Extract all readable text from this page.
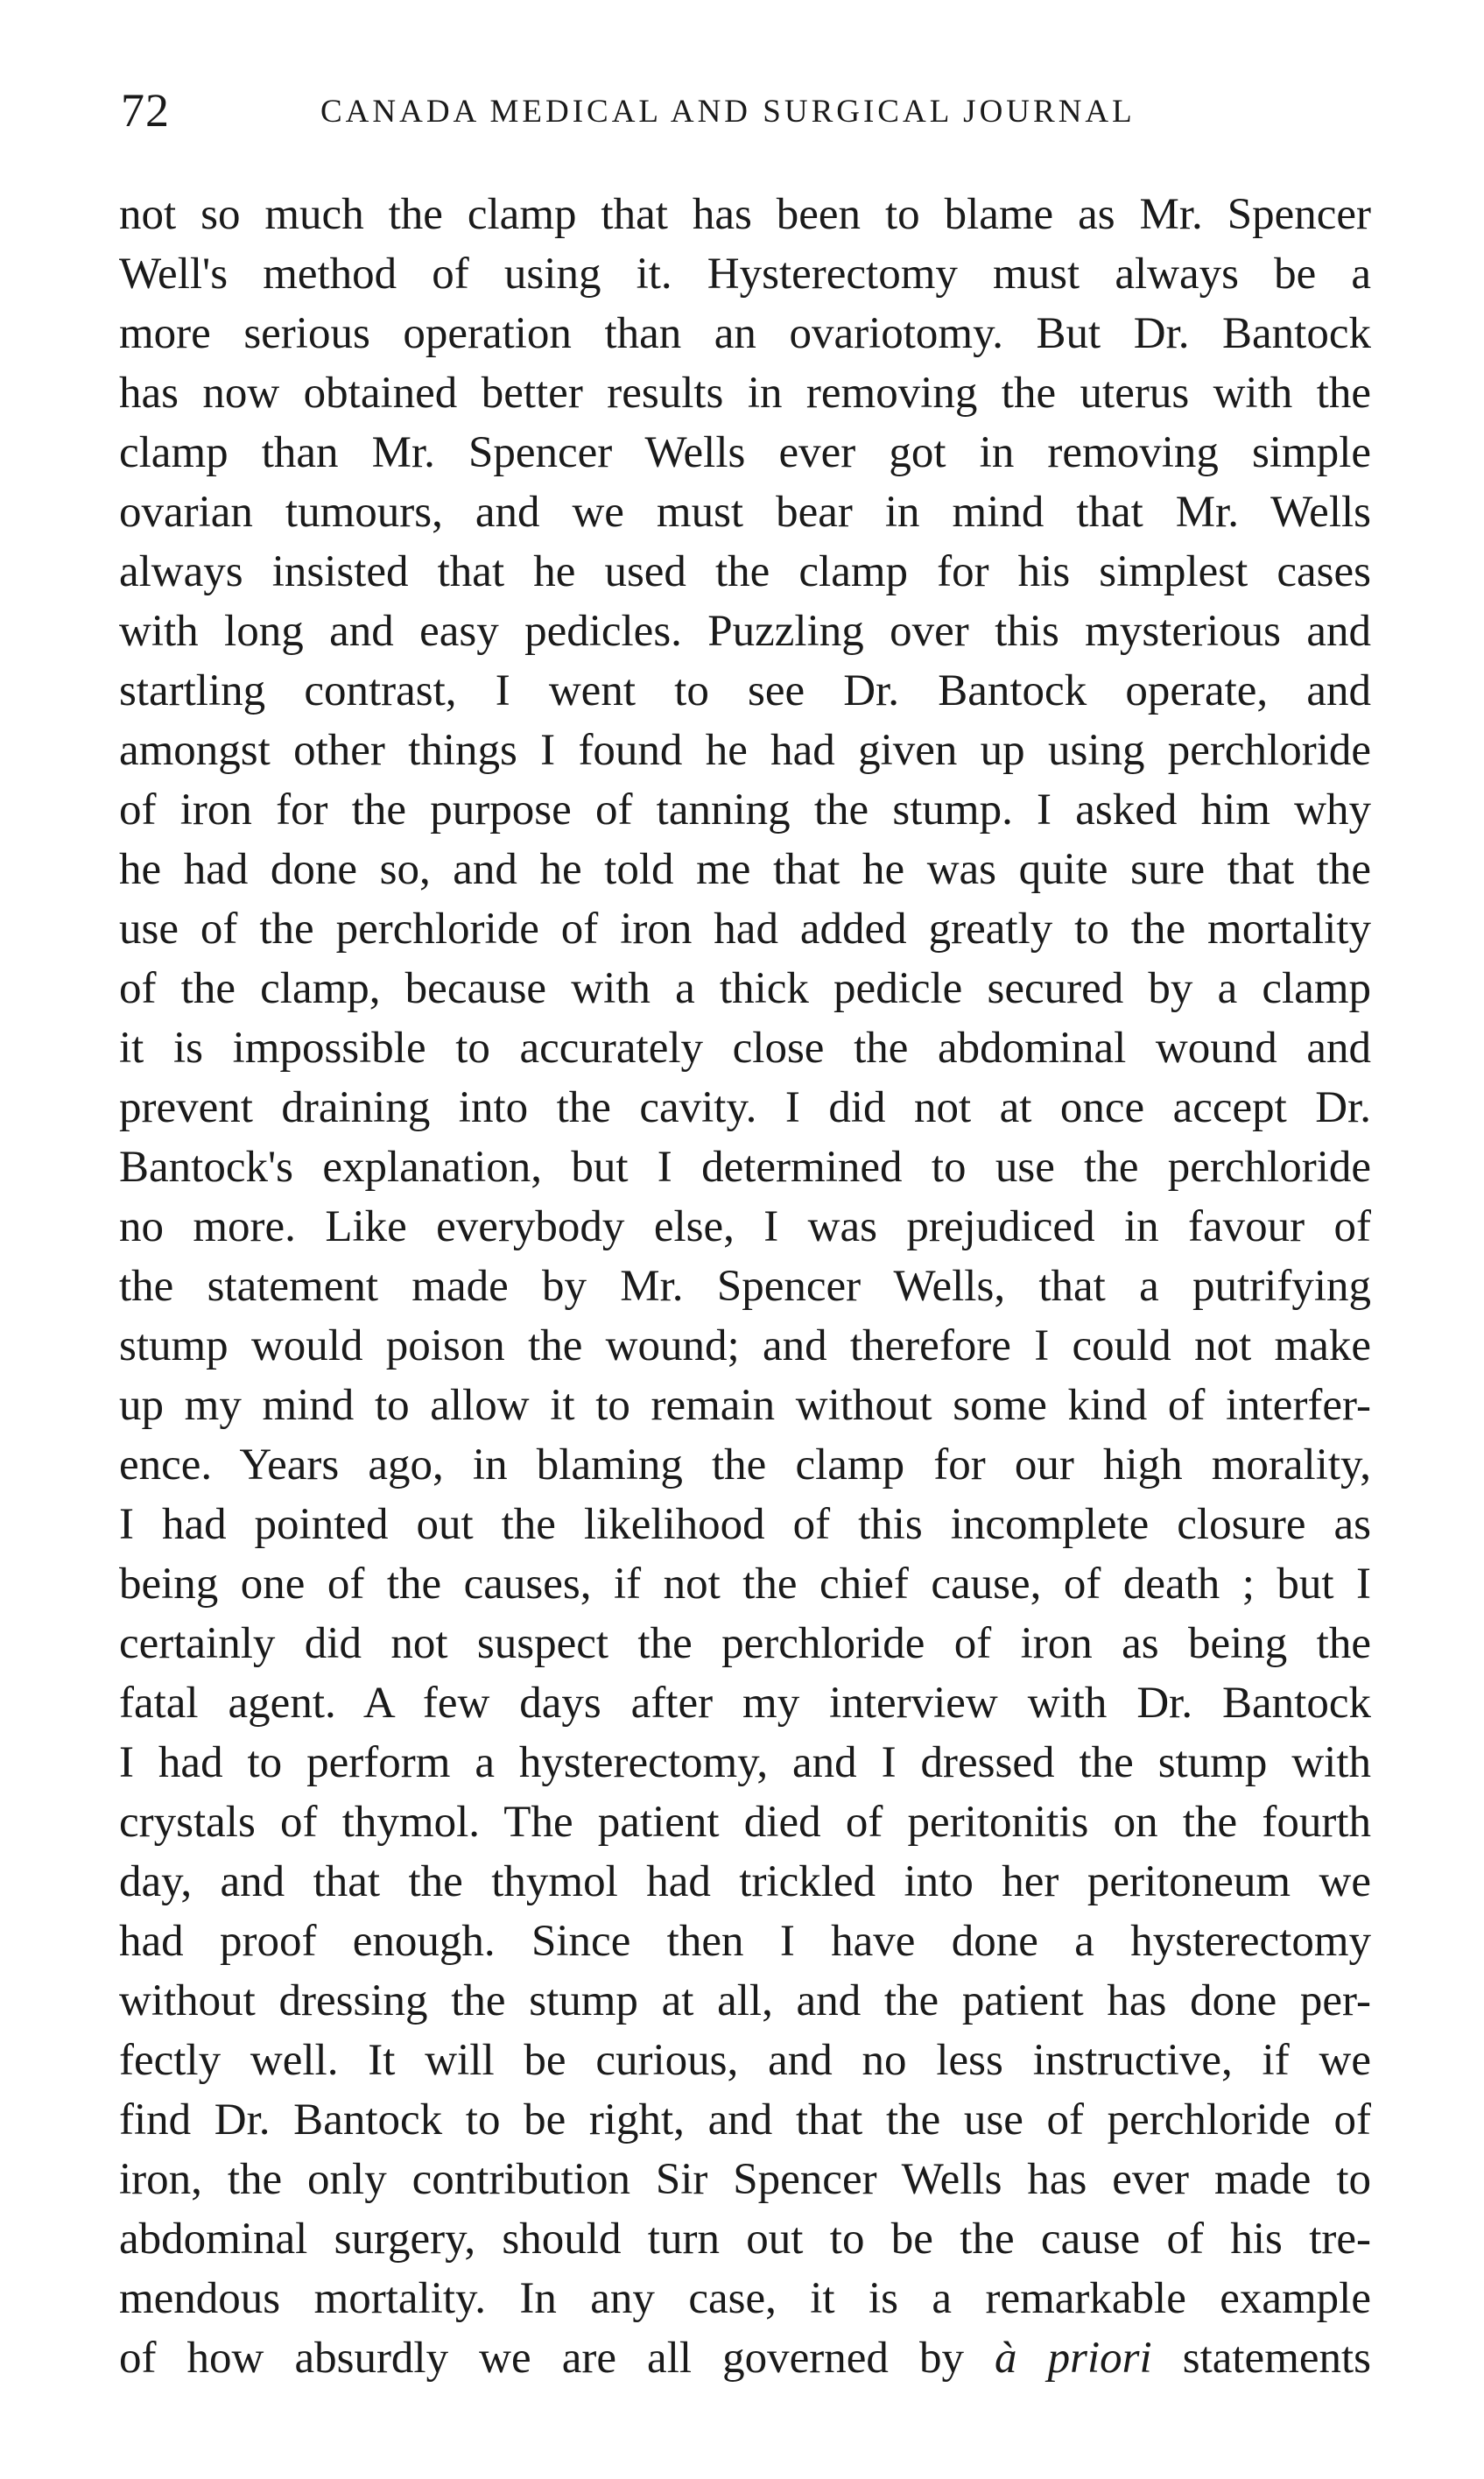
72	CANADA MEDICAL AND SURGICAL JOURNAL
not so much the clamp that has been to blame as Mr. Spencer
Well's method of using it. Hysterectomy must always be a
more serious operation than an ovariotomy. But Dr. Bantock
has now obtained better results in removing the uterus with the
clamp than Mr. Spencer Wells ever got in removing simple
ovarian tumours, and we must bear in mind that Mr. Wells
always insisted that he used the clamp for his simplest cases
with long and easy pedicles. Puzzling over this mysterious and
startling contrast, I went to see Dr. Bantock operate, and
amongst other things I found he had given up using perchloride
of iron for the purpose of tanning the stump. I asked him why
he had done so, and he told me that he was quite sure that the
use of the perchloride of iron had added greatly to the mortality
of the clamp, because with a thick pedicle secured by a clamp
it is impossible to accurately close the abdominal wound and
prevent draining into the cavity. I did not at once accept Dr.
Bantock's explanation, but I determined to use the perchloride
no more. Like everybody else, I was prejudiced in favour of
the statement made by Mr. Spencer Wells, that a putrifying
stump would poison the wound; and therefore I could not make
up my mind to allow it to remain without some kind of interfer-
ence. Years ago, in blaming the clamp for our high morality,
I had pointed out the likelihood of this incomplete closure as
being one of the causes, if not the chief cause, of death ; but I
certainly did not suspect the perchloride of iron as being the
fatal agent. A few days after my interview with Dr. Bantock
I had to perform a hysterectomy, and I dressed the stump with
crystals of thymol. The patient died of peritonitis on the fourth
day, and that the thymol had trickled into her peritoneum we
had proof enough. Since then I have done a hysterectomy
without dressing the stump at all, and the patient has done per-
fectly well. It will be curious, and no less instructive, if we
find Dr. Bantock to be right, and that the use of perchloride of
iron, the only contribution Sir Spencer Wells has ever made to
abdominal surgery, should turn out to be the cause of his tre-
mendous mortality. In any case, it is a remarkable example
of how absurdly we are all governed by à priori statements
